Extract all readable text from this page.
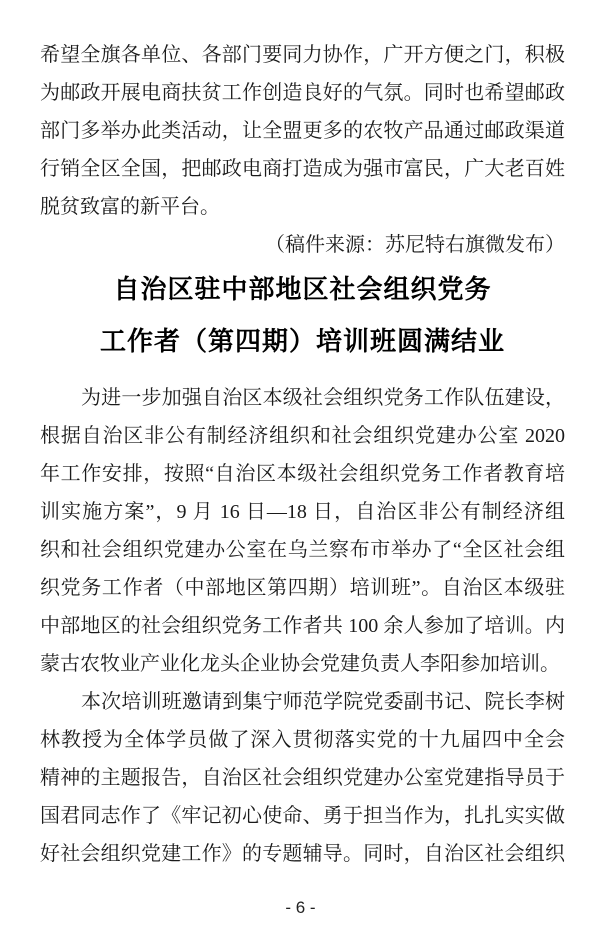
希望全旗各单位、各部门要同力协作，广开方便之门，积极
为邮政开展电商扶贫工作创造良好的气氛。同时也希望邮政
部门多举办此类活动，让全盟更多的农牧产品通过邮政渠道
行销全区全国，把邮政电商打造成为强市富民，广大老百姓
脱贫致富的新平台。
（稿件来源：苏尼特右旗微发布）
自治区驻中部地区社会组织党务
工作者（第四期）培训班圆满结业
为进一步加强自治区本级社会组织党务工作队伍建设，
根据自治区非公有制经济组织和社会组织党建办公室 2020
年工作安排，按照“自治区本级社会组织党务工作者教育培
训实施方案”，9 月 16 日—18 日，自治区非公有制经济组
织和社会组织党建办公室在乌兰察布市举办了“全区社会组
织党务工作者（中部地区第四期）培训班”。自治区本级驻
中部地区的社会组织党务工作者共 100 余人参加了培训。内
蒙古农牧业产业化龙头企业协会党建负责人李阳参加培训。
本次培训班邀请到集宁师范学院党委副书记、院长李树
林教授为全体学员做了深入贯彻落实党的十九届四中全会
精神的主题报告，自治区社会组织党建办公室党建指导员于
国君同志作了《牢记初心使命、勇于担当作为，扎扎实实做
好社会组织党建工作》的专题辅导。同时，自治区社会组织
- 6 -
